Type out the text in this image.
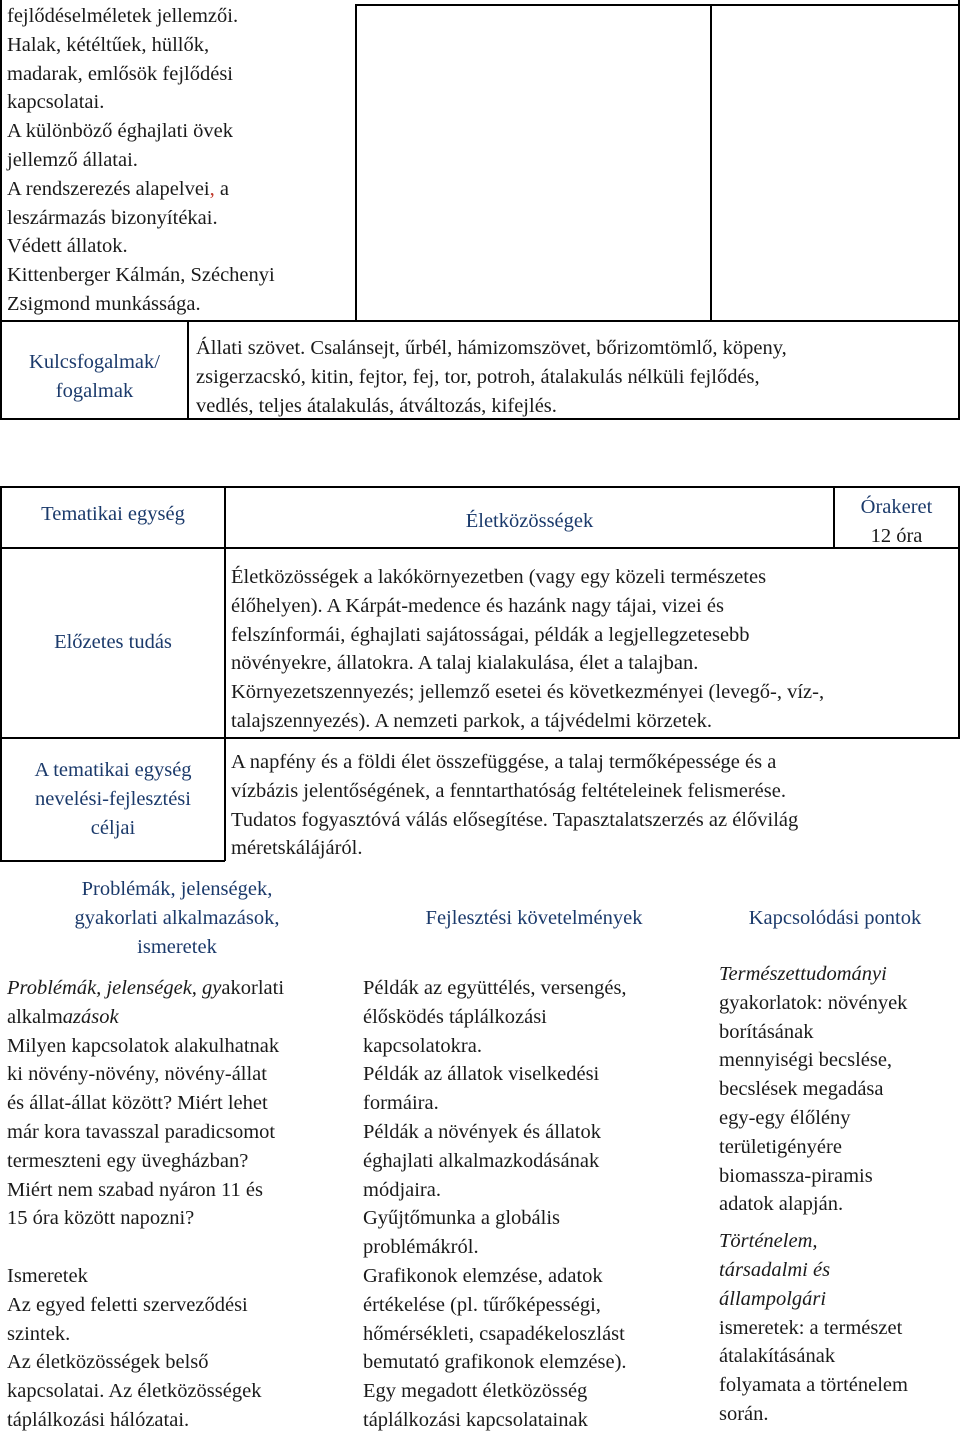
fejlődéselméletek jellemzői.
Halak, kétéltűek, hüllők,
madarak, emlősök fejlődési
kapcsolatai.
A különböző éghajlati övek
jellemző állatai.
A rendszerezés alapelvei, a
leszármazás bizonyítékai.
Védett állatok.
Kittenberger Kálmán, Széchenyi
Zsigmond munkássága.
Kulcsfogalmak/
fogalmak
Állati szövet. Csalánsejt, űrbél, hámizomszövet, bőrizomtömlő, köpeny,
zsigerzacskó, kitin, fejtor, fej, tor, potroh, átalakulás nélküli fejlődés,
vedlés, teljes átalakulás, átváltozás, kifejlés.
Tematikai egység	Életközösségek
Órakeret
12 óra
Előzetes tudás
Életközösségek a lakókörnyezetben (vagy egy közeli természetes
élőhelyen). A Kárpát-medence és hazánk nagy tájai, vizei és
felszínformái, éghajlati sajátosságai, példák a legjellegzetesebb
növényekre, állatokra. A talaj kialakulása, élet a talajban.
Környezetszennyezés; jellemző esetei és következményei (levegő-, víz-,
talajszennyezés). A nemzeti parkok, a tájvédelmi körzetek.
A tematikai egység
nevelési-fejlesztési
céljai
A napfény és a földi élet összefüggése, a talaj termőképessége és a
vízbázis jelentőségének, a fenntarthatóság feltételeinek felismerése.
Tudatos fogyasztóvá válás elősegítése. Tapasztalatszerzés az élővilág
méretskálájáról.
Problémák, jelenségek,
gyakorlati alkalmazások,
ismeretek
Fejlesztési követelmények	Kapcsolódási pontok
Problémák, jelenségek, gyakorlati
alkalmazások
Milyen kapcsolatok alakulhatnak
ki növény-növény, növény-állat
és állat-állat között? Miért lehet
már kora tavasszal paradicsomot
termeszteni egy üvegházban?
Miért nem szabad nyáron 11 és
15 óra között napozni?

Ismeretek
Az egyed feletti szerveződési
szintek.
Az életközösségek belső
kapcsolatai. Az életközösségek
táplálkozási hálózatai.
Példák az együttélés, versengés,
élősködés táplálkozási
kapcsolatokra.
Példák az állatok viselkedési
formáira.
Példák a növények és állatok
éghajlati alkalmazkodásának
módjaira.
Gyűjtőmunka a globális
problémákról.
Grafikonok elemzése, adatok
értékelése (pl. tűrőképességi,
hőmérsékleti, csapadékeloszlást
bemutató grafikonok elemzése).
Egy megadott életközösség
táplálkozási kapcsolatainak
Természettudományi
gyakorlatok: növények
borításának
mennyiségi becslése,
becslések megadása
egy-egy élőlény
területigényére
biomassza-piramis
adatok alapján.
Történelem,
társadalmi és
állampolgári
ismeretek: a természet
átalakításának
folyamata a történelem
során.
